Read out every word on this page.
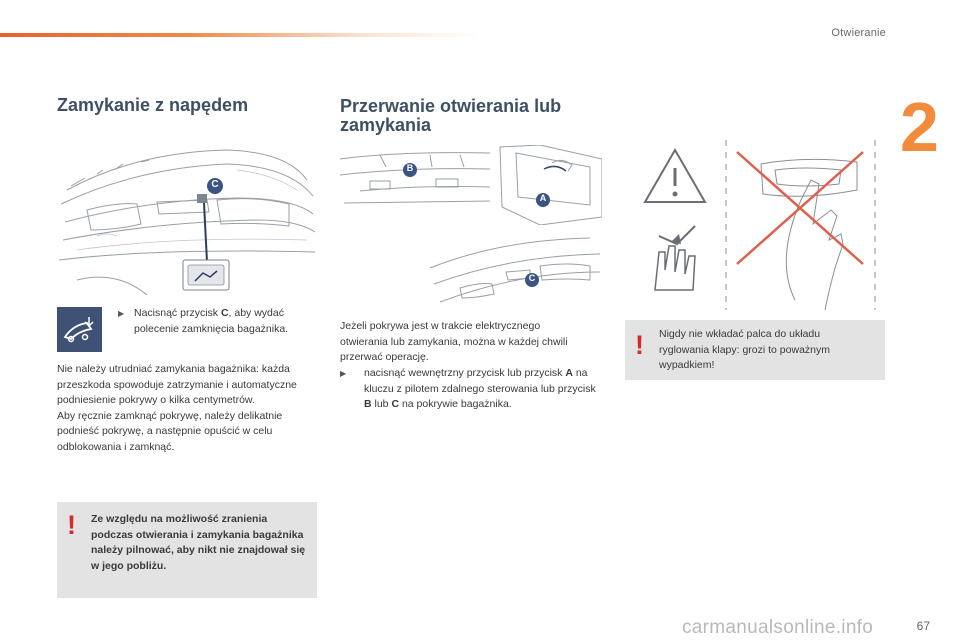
Otwieranie
2
Zamykanie z napędem
C
▶︎ Nacisnąć przycisk C, aby wydać polecenie zamknięcia bagażnika.

Nie należy utrudniać zamykania bagażnika: każda przeszkoda spowoduje zatrzymanie i automatyczne podniesienie pokrywy o kilka centymetrów.
Aby ręcznie zamknąć pokrywę, należy delikatnie podnieść pokrywę, a następnie opuścić w celu odblokowania i zamknąć.

! Ze względu na możliwość zranienia podczas otwierania i zamykania bagażnika należy pilnować, aby nikt nie znajdował się w jego pobliżu.
Przerwanie otwierania lub zamykania
B
A
C

Jeżeli pokrywa jest w trakcie elektrycznego otwierania lub zamykania, można w każdej chwili przerwać operację.

▶︎ nacisnąć wewnętrzny przycisk lub przycisk A na kluczu z pilotem zdalnego sterowania lub przycisk B lub C na pokrywie bagażnika.
! Nigdy nie wkładać palca do układu ryglowania klapy: grozi to poważnym wypadkiem!
67
carmanualsonline.info
